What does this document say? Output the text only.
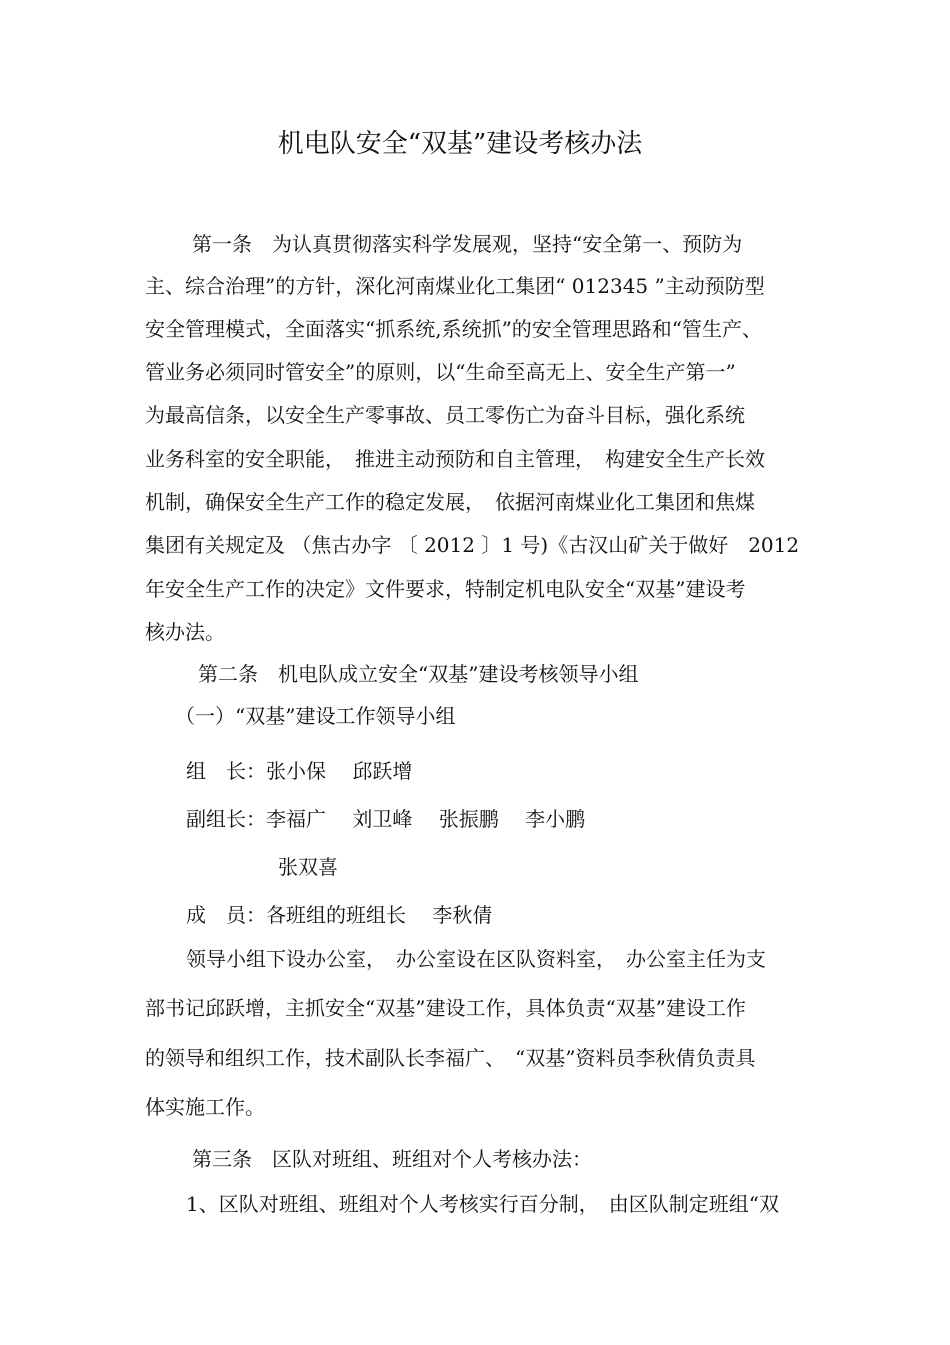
机电队安全“双基”建设考核办法
第一条　为认真贯彻落实科学发展观，坚持“安全第一、预防为
主、综合治理”的方针，深化河南煤业化工集团“ 012345 ”主动预防型
安全管理模式，全面落实“抓系统,系统抓”的安全管理思路和“管生产、
管业务必须同时管安全”的原则，以“生命至高无上、安全生产第一”
为最高信条，以安全生产零事故、员工零伤亡为奋斗目标，强化系统
业务科室的安全职能，　推进主动预防和自主管理，　构建安全生产长效
机制，确保安全生产工作的稳定发展，　依据河南煤业化工集团和焦煤
集团有关规定及 （焦古办字 〔 2012 〕1 号)《古汉山矿关于做好　2012
年安全生产工作的决定》文件要求，特制定机电队安全“双基”建设考
核办法。
第二条　机电队成立安全“双基”建设考核领导小组
（一）“双基”建设工作领导小组
组　长：张小保　 邱跃增
副组长：李福广　 刘卫峰　 张振鹏　 李小鹏
张双喜
成　员：各班组的班组长　 李秋倩
领导小组下设办公室，　办公室设在区队资料室，　办公室主任为支
部书记邱跃增，主抓安全“双基”建设工作，具体负责“双基”建设工作
的领导和组织工作，技术副队长李福广、　“双基”资料员李秋倩负责具
体实施工作。
第三条　区队对班组、班组对个人考核办法：
1、区队对班组、班组对个人考核实行百分制，　由区队制定班组“双
